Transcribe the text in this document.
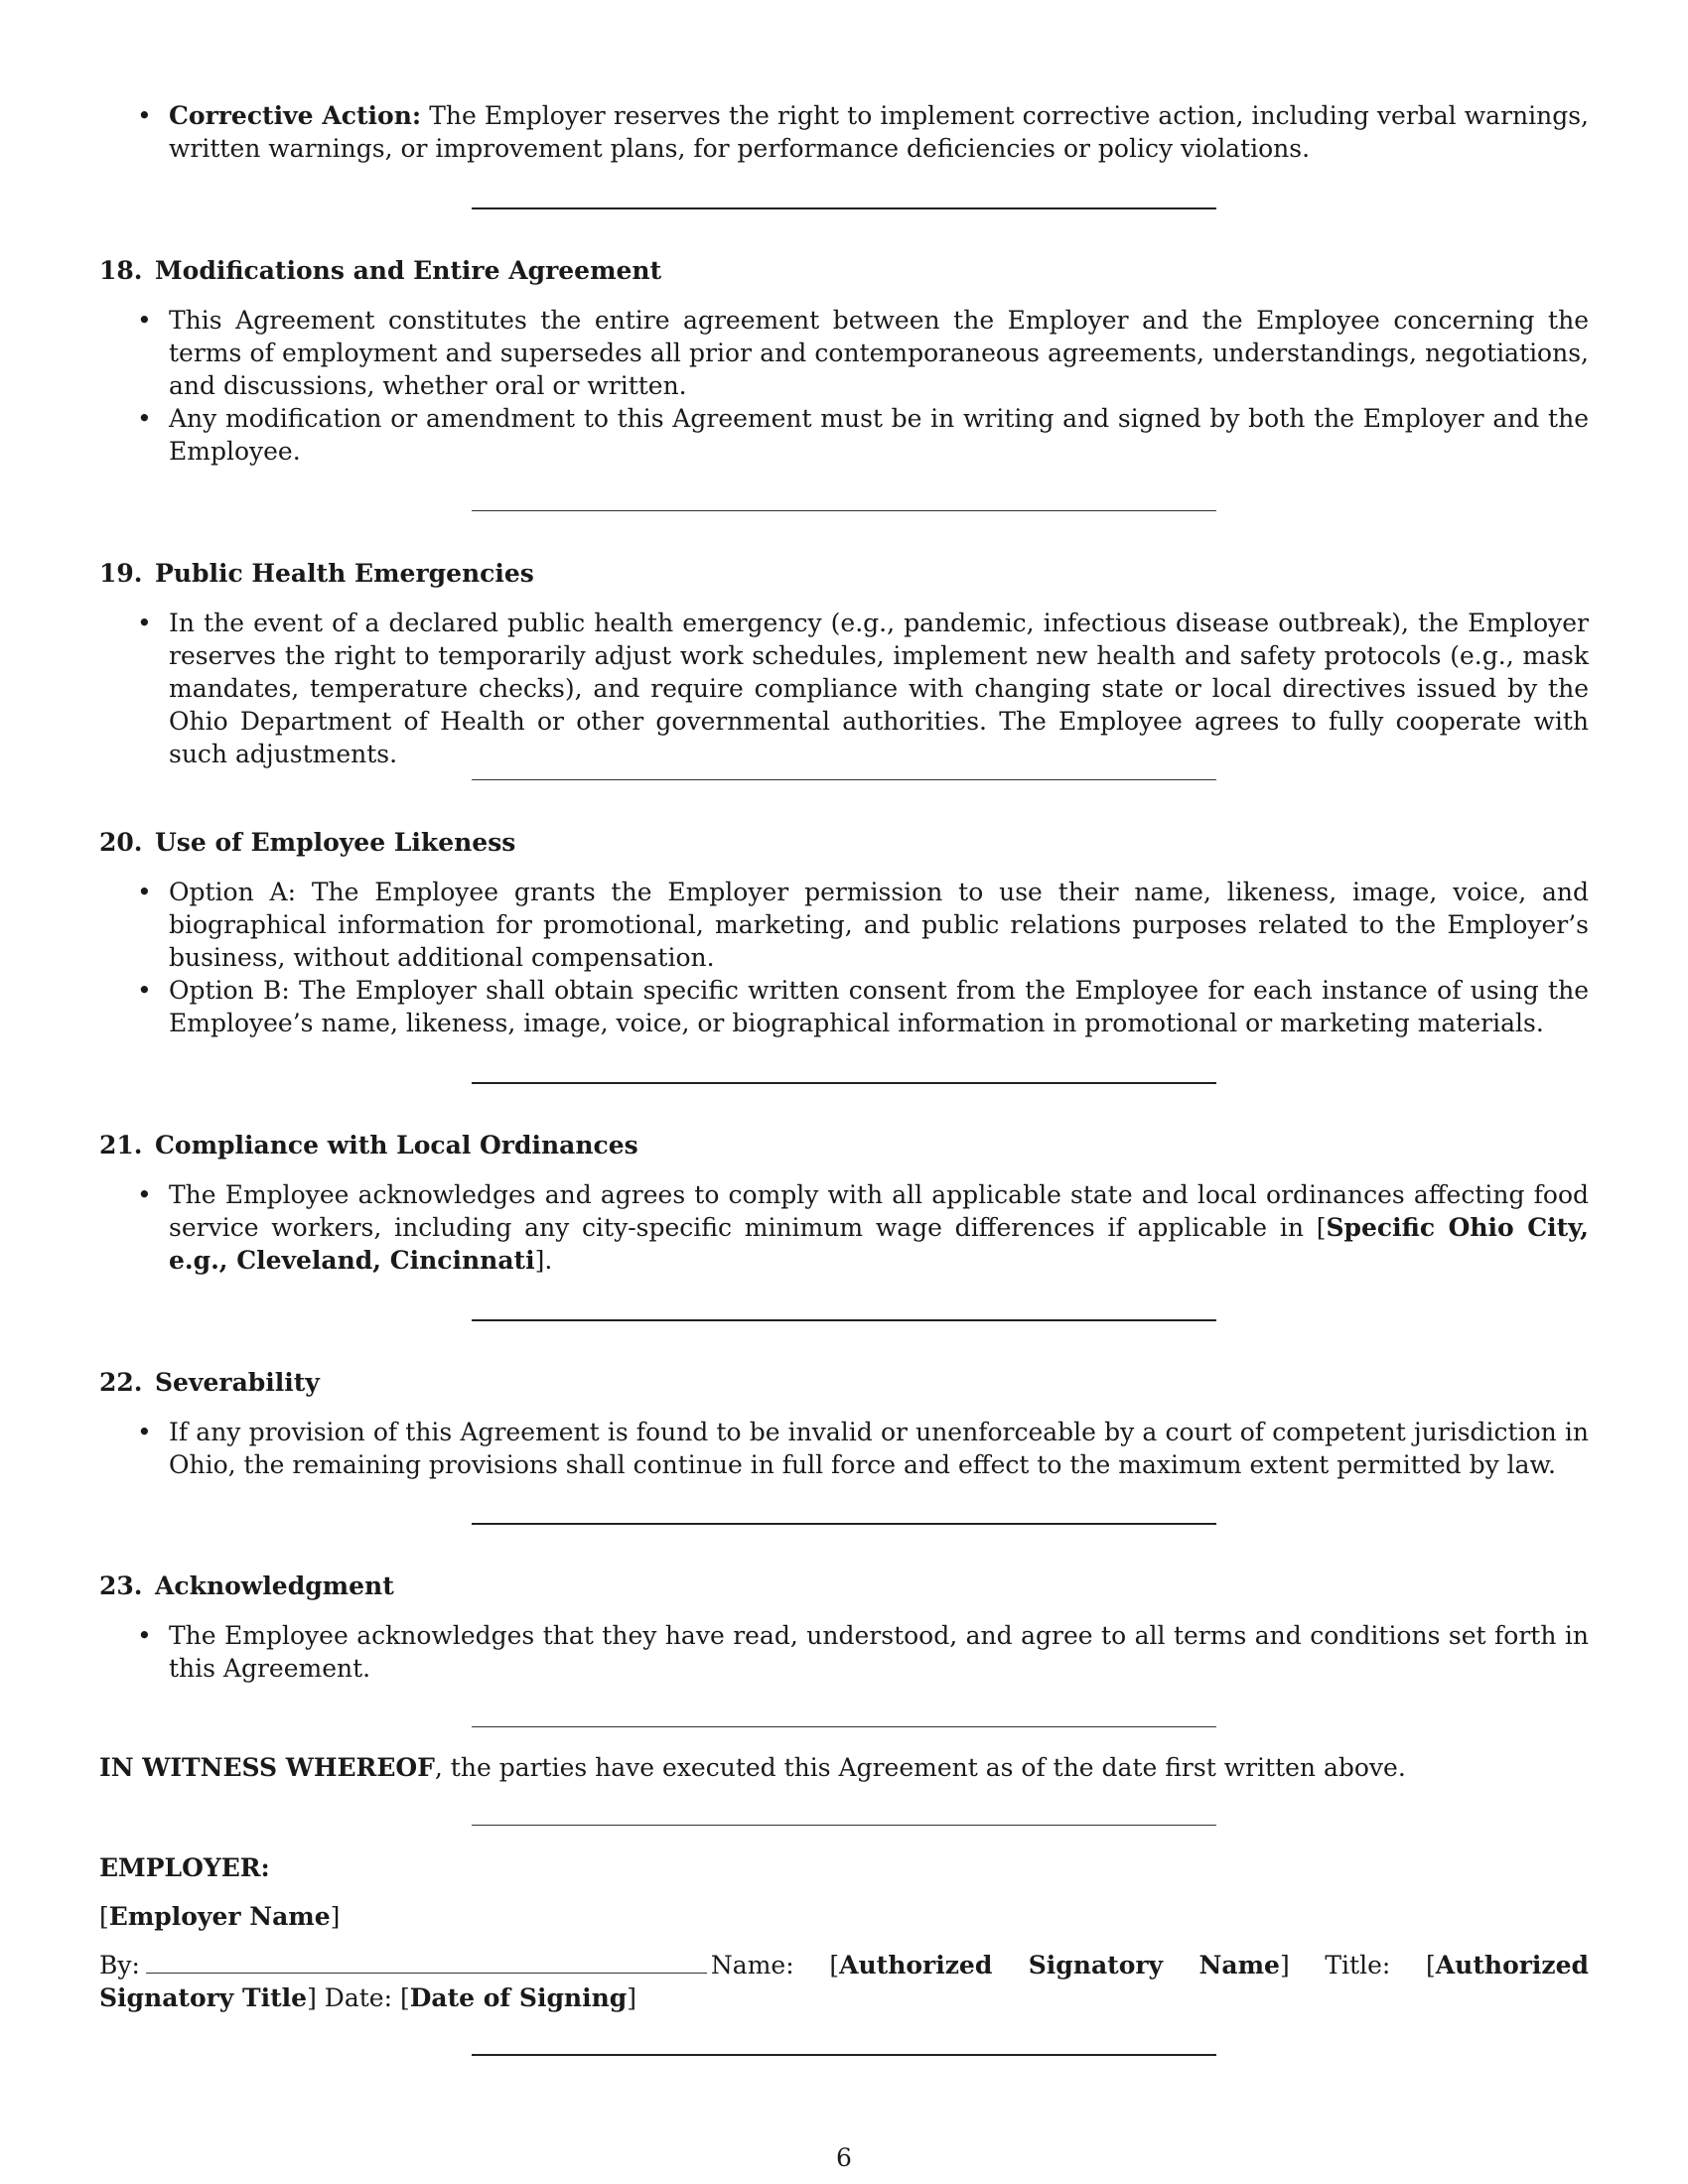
• Corrective Action: The Employer reserves the right to implement corrective action, including verbal warnings, written warnings, or improvement plans, for performance deficiencies or policy violations.

18. Modifications and Entire Agreement

• This Agreement constitutes the entire agreement between the Employer and the Employee concerning the terms of employment and supersedes all prior and contemporaneous agreements, understandings, negotiations, and discussions, whether oral or written.
• Any modification or amendment to this Agreement must be in writing and signed by both the Employer and the Employee.

19. Public Health Emergencies

• In the event of a declared public health emergency (e.g., pandemic, infectious disease outbreak), the Employer reserves the right to temporarily adjust work schedules, implement new health and safety protocols (e.g., mask mandates, temperature checks), and require compliance with changing state or local directives issued by the Ohio Department of Health or other governmental authorities. The Employee agrees to fully cooperate with such adjustments.

20. Use of Employee Likeness

• Option A: The Employee grants the Employer permission to use their name, likeness, image, voice, and biographical information for promotional, marketing, and public relations purposes related to the Employer’s business, without additional compensation.
• Option B: The Employer shall obtain specific written consent from the Employee for each instance of using the Employee’s name, likeness, image, voice, or biographical information in promotional or marketing materials.

21. Compliance with Local Ordinances

• The Employee acknowledges and agrees to comply with all applicable state and local ordinances affecting food service workers, including any city-specific minimum wage differences if applicable in [Specific Ohio City, e.g., Cleveland, Cincinnati].

22. Severability

• If any provision of this Agreement is found to be invalid or unenforceable by a court of competent jurisdiction in Ohio, the remaining provisions shall continue in full force and effect to the maximum extent permitted by law.

23. Acknowledgment

• The Employee acknowledges that they have read, understood, and agree to all terms and conditions set forth in this Agreement.
IN WITNESS WHEREOF, the parties have executed this Agreement as of the date first written above.
EMPLOYER:
[Employer Name]
By:	Name: [Authorized Signatory Name] Title: [Authorized Signatory Title] Date: [Date of Signing]
6
